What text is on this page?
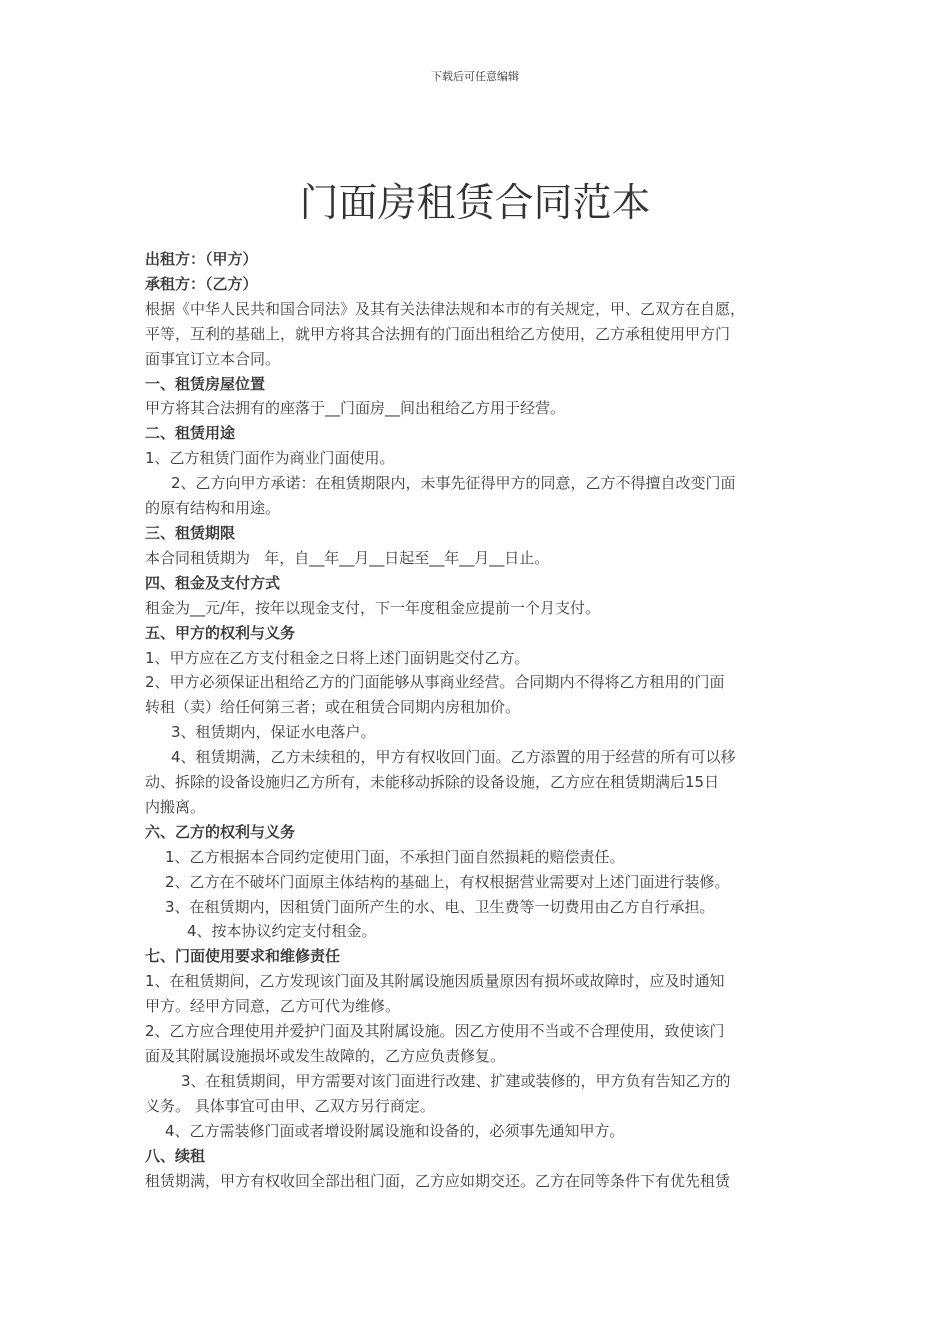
下载后可任意编辑
门面房租赁合同范本

出租方：（甲方）

承租方：（乙方）

根据《中华人民共和国合同法》及其有关法律法规和本市的有关规定，甲、乙双方在自愿，

平等，互利的基础上，就甲方将其合法拥有的门面出租给乙方使用，乙方承租使用甲方门

面事宜订立本合同。

一、租赁房屋位置

甲方将其合法拥有的座落于__门面房__间出租给乙方用于经营。

二、租赁用途

1、乙方租赁门面作为商业门面使用。

2、乙方向甲方承诺：在租赁期限内，未事先征得甲方的同意，乙方不得擅自改变门面

的原有结构和用途。

三、租赁期限

本合同租赁期为   年，自__年__月__日起至__年__月__日止。

四、租金及支付方式

租金为__元/年，按年以现金支付，下一年度租金应提前一个月支付。

五、甲方的权利与义务

1、甲方应在乙方支付租金之日将上述门面钥匙交付乙方。

2、甲方必须保证出租给乙方的门面能够从事商业经营。合同期内不得将乙方租用的门面

转租（卖）给任何第三者；或在租赁合同期内房租加价。

3、租赁期内，保证水电落户。

4、租赁期满，乙方未续租的，甲方有权收回门面。乙方添置的用于经营的所有可以移

动、拆除的设备设施归乙方所有，未能移动拆除的设备设施，乙方应在租赁期满后15日

内搬离。

六、乙方的权利与义务

1、乙方根据本合同约定使用门面，不承担门面自然损耗的赔偿责任。

2、乙方在不破坏门面原主体结构的基础上，有权根据营业需要对上述门面进行装修。

3、在租赁期内，因租赁门面所产生的水、电、卫生费等一切费用由乙方自行承担。

4、按本协议约定支付租金。

七、门面使用要求和维修责任

1、在租赁期间，乙方发现该门面及其附属设施因质量原因有损坏或故障时，应及时通知

甲方。经甲方同意，乙方可代为维修。

2、乙方应合理使用并爱护门面及其附属设施。因乙方使用不当或不合理使用，致使该门

面及其附属设施损坏或发生故障的，乙方应负责修复。

3、在租赁期间，甲方需要对该门面进行改建、扩建或装修的，甲方负有告知乙方的

义务。 具体事宜可由甲、乙双方另行商定。

4、乙方需装修门面或者增设附属设施和设备的，必须事先通知甲方。

八、续租

租赁期满，甲方有权收回全部出租门面，乙方应如期交还。乙方在同等条件下有优先租赁
